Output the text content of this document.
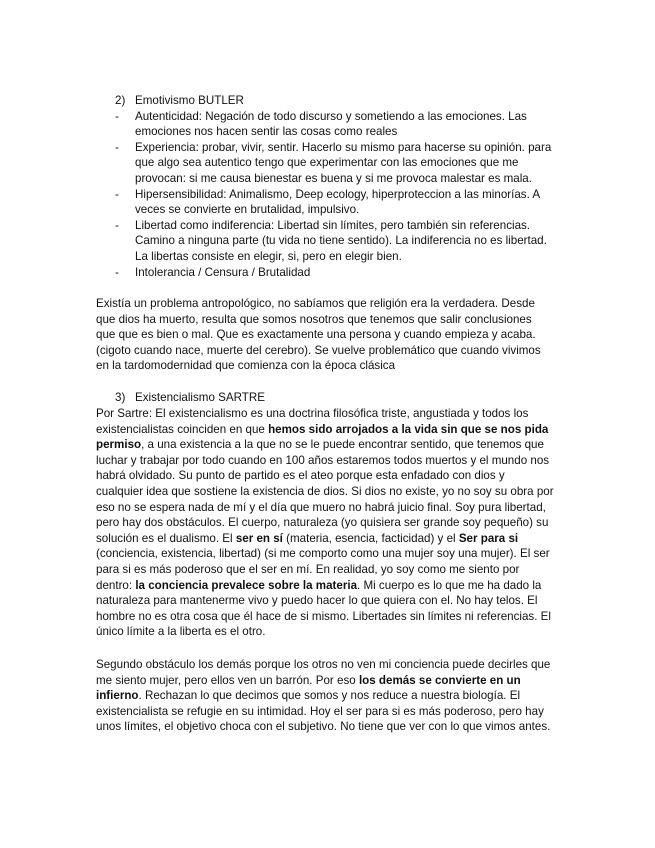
2) Emotivismo BUTLER
- Autenticidad: Negación de todo discurso y sometiendo a las emociones. Las
emociones nos hacen sentir las cosas como reales
- Experiencia: probar, vivir, sentir. Hacerlo su mismo para hacerse su opinión. para
que algo sea autentico tengo que experimentar con las emociones que me
provocan: si me causa bienestar es buena y si me provoca malestar es mala.
- Hipersensibilidad: Animalismo, Deep ecology, hiperproteccion a las minorías. A
veces se convierte en brutalidad, impulsivo.
- Libertad como indiferencia: Libertad sin límites, pero también sin referencias.
Camino a ninguna parte (tu vida no tiene sentido). La indiferencia no es libertad.
La libertas consiste en elegir, si, pero en elegir bien.
- Intolerancia / Censura / Brutalidad
Existía un problema antropológico, no sabíamos que religión era la verdadera. Desde
que dios ha muerto, resulta que somos nosotros que tenemos que salir conclusiones
que que es bien o mal. Que es exactamente una persona y cuando empieza y acaba.
(cigoto cuando nace, muerte del cerebro). Se vuelve problemático que cuando vivimos
en la tardomodernidad que comienza con la época clásica
3) Existencialismo SARTRE
Por Sartre: El existencialismo es una doctrina filosófica triste, angustiada y todos los
existencialistas coinciden en que hemos sido arrojados a la vida sin que se nos pida
permiso, a una existencia a la que no se le puede encontrar sentido, que tenemos que
luchar y trabajar por todo cuando en 100 años estaremos todos muertos y el mundo nos
habrá olvidado. Su punto de partido es el ateo porque esta enfadado con dios y
cualquier idea que sostiene la existencia de dios. Si dios no existe, yo no soy su obra por
eso no se espera nada de mí y el día que muero no habrá juicio final. Soy pura libertad,
pero hay dos obstáculos. El cuerpo, naturaleza (yo quisiera ser grande soy pequeño) su
solución es el dualismo. El ser en sí (materia, esencia, facticidad) y el Ser para si
(conciencia, existencia, libertad) (si me comporto como una mujer soy una mujer). El ser
para si es más poderoso que el ser en mí. En realidad, yo soy como me siento por
dentro: la conciencia prevalece sobre la materia. Mi cuerpo es lo que me ha dado la
naturaleza para mantenerme vivo y puedo hacer lo que quiera con el. No hay telos. El
hombre no es otra cosa que él hace de si mismo. Libertades sin límites ni referencias. El
único límite a la liberta es el otro.
Segundo obstáculo los demás porque los otros no ven mi conciencia puede decirles que
me siento mujer, pero ellos ven un barrón. Por eso los demás se convierte en un
infierno. Rechazan lo que decimos que somos y nos reduce a nuestra biología. El
existencialista se refugie en su intimidad. Hoy el ser para si es más poderoso, pero hay
unos límites, el objetivo choca con el subjetivo. No tiene que ver con lo que vimos antes.
